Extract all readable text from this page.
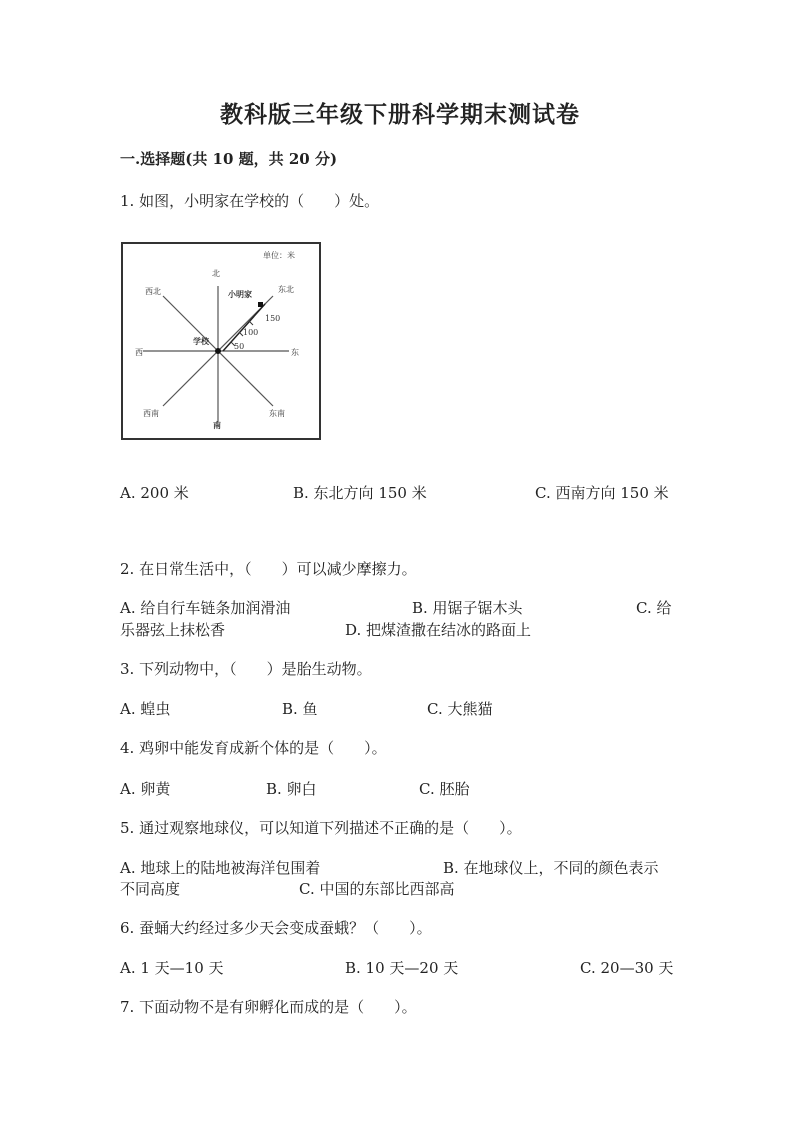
教科版三年级下册科学期末测试卷
一.选择题(共 10 题，共 20 分)
1. 如图，小明家在学校的（　　）处。
单位：米
北
西北	东北
小明家
150
100
学校
50
西	东
西南	东南
南
A. 200 米	B. 东北方向 150 米	C. 西南方向 150 米
2. 在日常生活中，（　　）可以减少摩擦力。
A. 给自行车链条加润滑油	B. 用锯子锯木头	C. 给
乐器弦上抹松香	D. 把煤渣撒在结冰的路面上
3. 下列动物中，（　　）是胎生动物。
A. 蝗虫	B. 鱼	C. 大熊猫
4. 鸡卵中能发育成新个体的是（　　）。
A. 卵黄	B. 卵白	C. 胚胎
5. 通过观察地球仪，可以知道下列描述不正确的是（　　）。
A. 地球上的陆地被海洋包围着	B. 在地球仪上，不同的颜色表示
不同高度	C. 中国的东部比西部高
6. 蚕蛹大约经过多少天会变成蚕蛾？（　　）。
A. 1 天—10 天	B. 10 天—20 天	C. 20—30 天
7. 下面动物不是有卵孵化而成的是（　　）。
